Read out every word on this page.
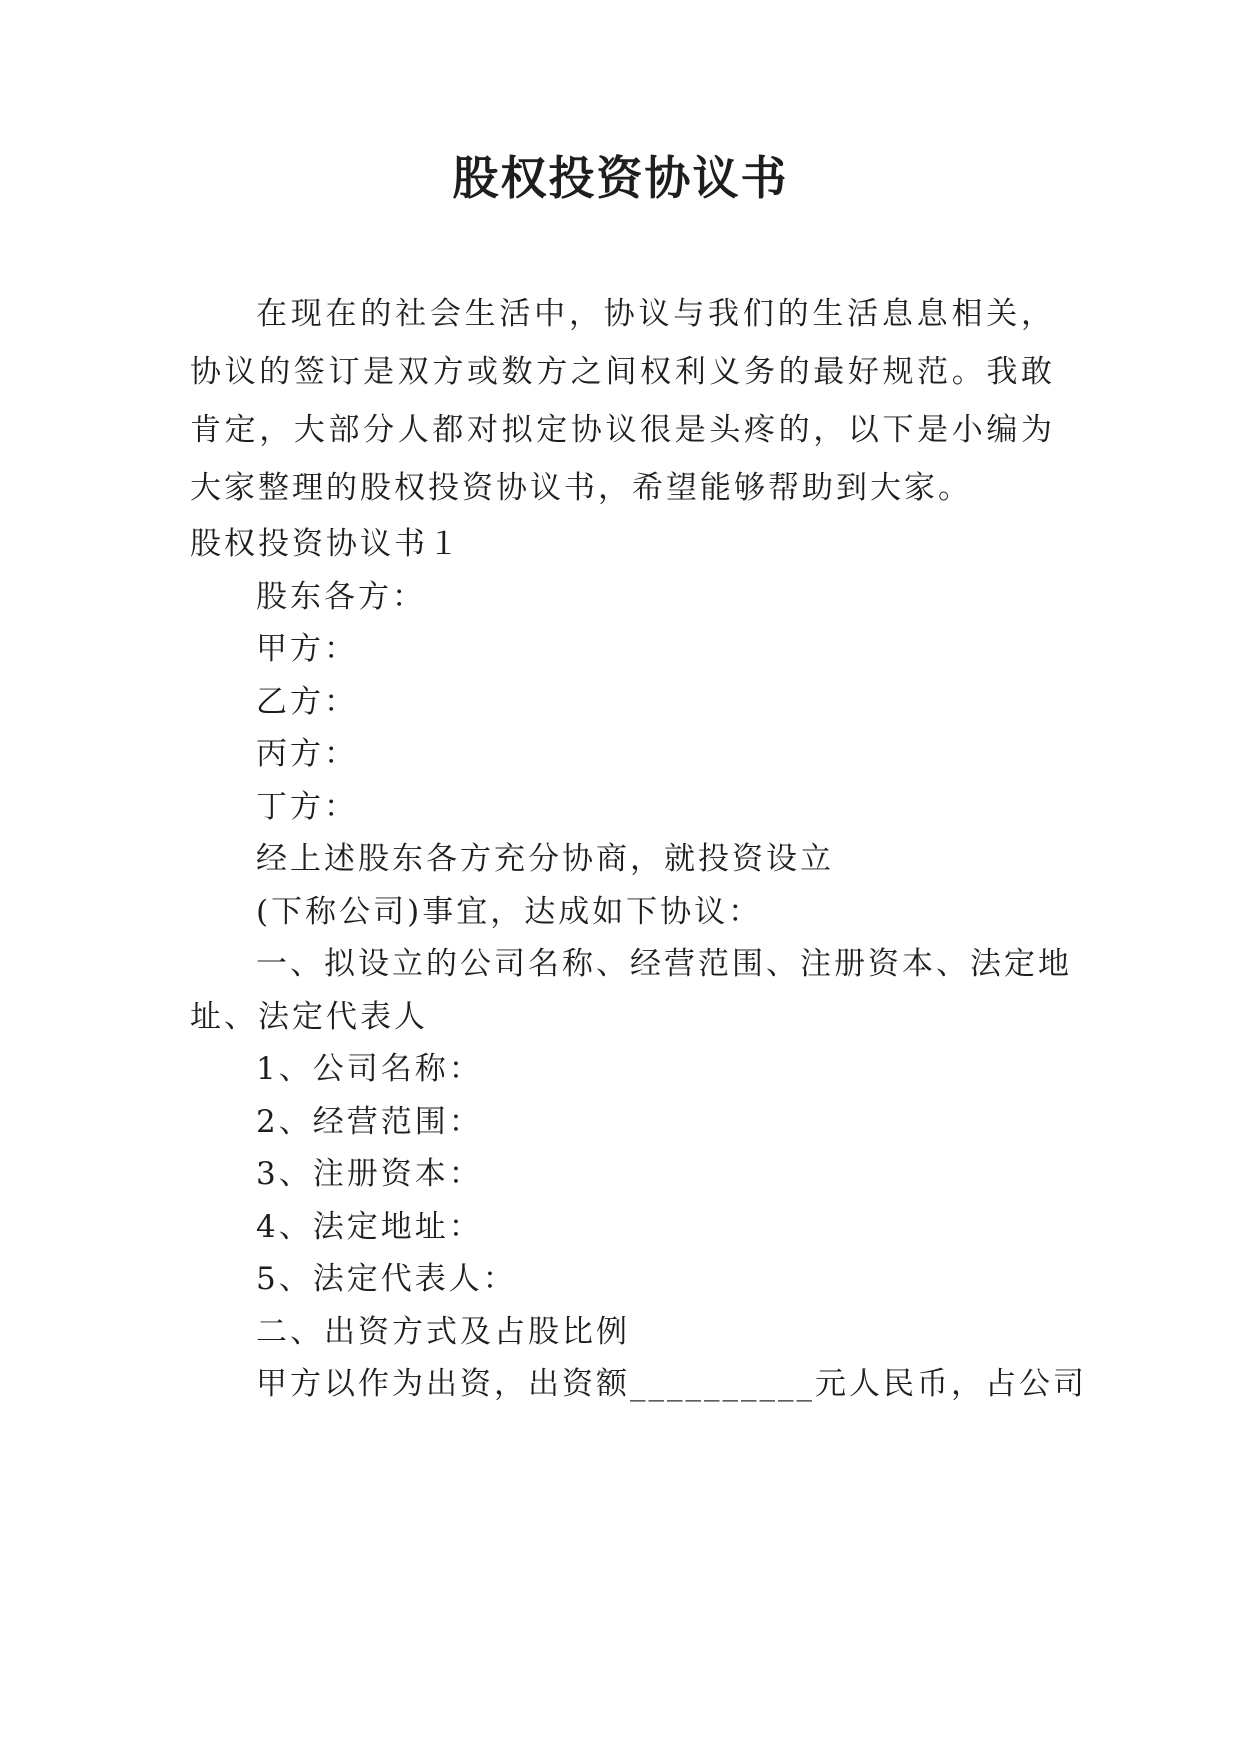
股权投资协议书

在现在的社会生活中，协议与我们的生活息息相关，协议的签订是双方或数方之间权利义务的最好规范。我敢肯定，大部分人都对拟定协议很是头疼的，以下是小编为大家整理的股权投资协议书，希望能够帮助到大家。

股权投资协议书１

股东各方：

甲方：

乙方：

丙方：

丁方：

经上述股东各方充分协商，就投资设立

(下称公司)事宜，达成如下协议：

一、拟设立的公司名称、经营范围、注册资本、法定地

址、法定代表人

1、公司名称：

2、经营范围：

3、注册资本：

4、法定地址：

5、法定代表人：

二、出资方式及占股比例

甲方以作为出资，出资额__________元人民币，占公司
